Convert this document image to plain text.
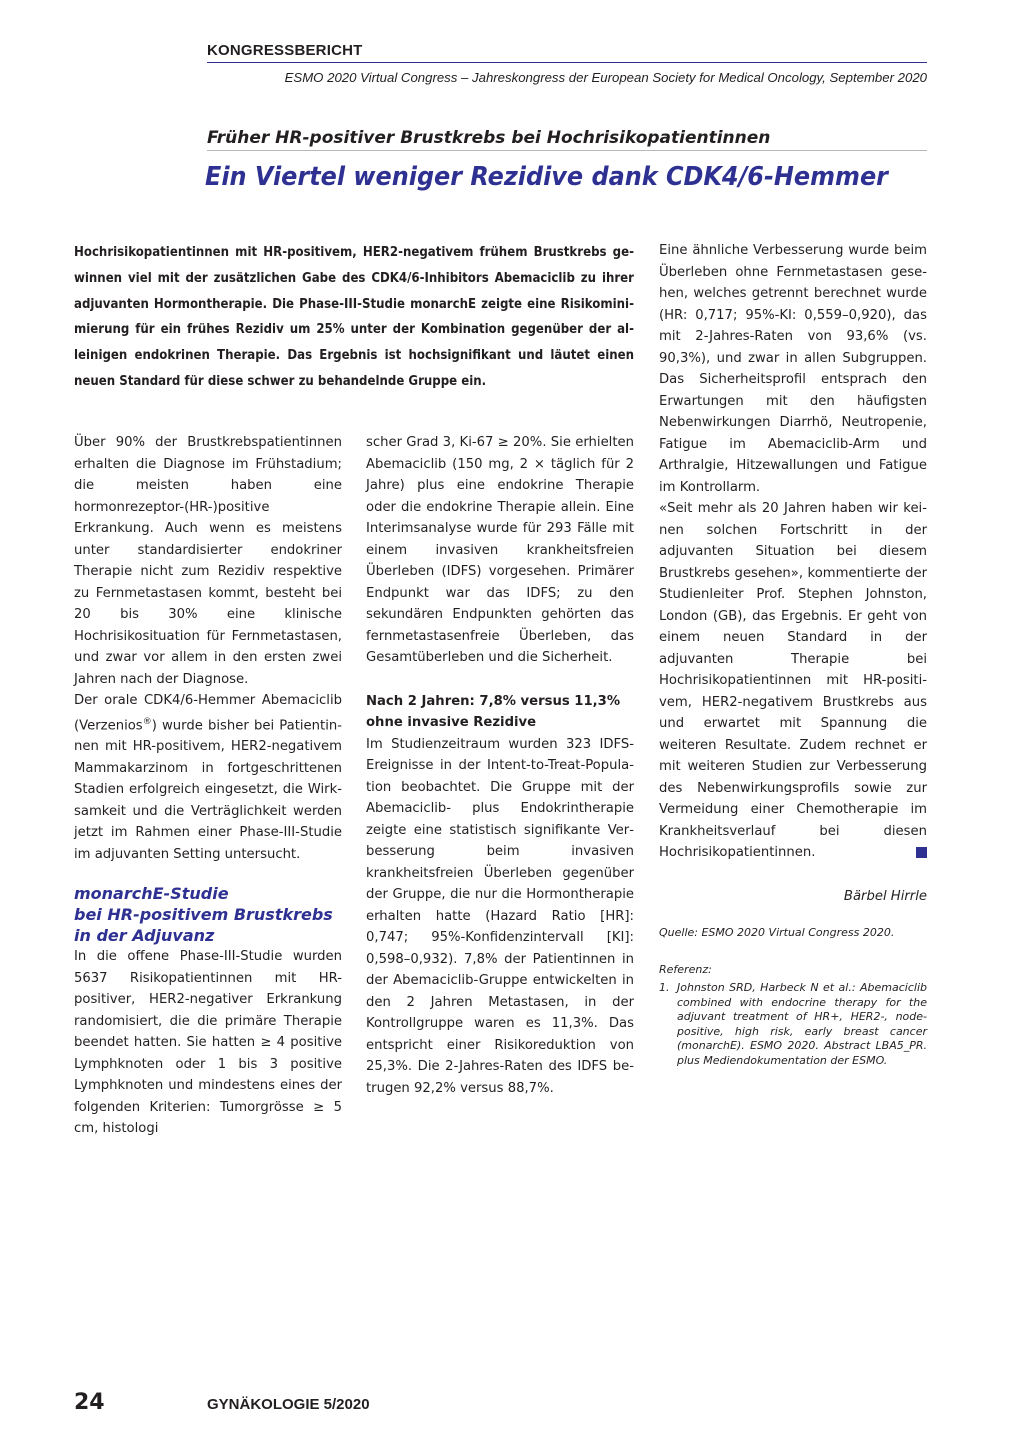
KONGRESSBERICHT
ESMO 2020 Virtual Congress – Jahreskongress der European Society for Medical Oncology, September 2020
Früher HR-positiver Brustkrebs bei Hochrisikopatientinnen
Ein Viertel weniger Rezidive dank CDK4/6-Hemmer
Hochrisikopatientinnen mit HR-positivem, HER2-negativem frühem Brustkrebs gewinnen viel mit der zusätzlichen Gabe des CDK4/6-Inhibitors Abemaciclib zu ihrer adjuvanten Hormontherapie. Die Phase-III-Studie monarchE zeigte eine Risikominimierung für ein frühes Rezidiv um 25% unter der Kombination gegenüber der alleinigen endokrinen Therapie. Das Ergebnis ist hochsignifikant und läutet einen neuen Standard für diese schwer zu behandelnde Gruppe ein.

Über 90% der Brustkrebspatientinnen erhalten die Diagnose im Frühstadium; die meisten haben eine hormonrezeptor-(HR-)positive Erkrankung. Auch wenn es meistens unter standardisierter endokriner Therapie nicht zum Rezidiv respektive zu Fernmetastasen kommt, besteht bei 20 bis 30% eine klinische Hochrisikosituation für Fernmetastasen, und zwar vor allem in den ersten zwei Jahren nach der Diagnose.

Der orale CDK4/6-Hemmer Abemaciclib (Verzenios®) wurde bisher bei Patientinnen mit HR-positivem, HER2-negativem Mammakarzinom in fortgeschrittenen Stadien erfolgreich eingesetzt, die Wirksamkeit und die Verträglichkeit werden jetzt im Rahmen einer Phase-III-Studie im adjuvanten Setting untersucht.

monarchE-Studie
bei HR-positivem Brustkrebs
in der Adjuvanz

In die offene Phase-III-Studie wurden 5637 Risikopatientinnen mit HR-positiver, HER2-negativer Erkrankung randomisiert, die die primäre Therapie beendet hatten. Sie hatten ≥ 4 positive Lymphknoten oder 1 bis 3 positive Lymphknoten und mindestens eines der folgenden Kriterien: Tumorgrösse ≥ 5 cm, histologi

scher Grad 3, Ki-67 ≥ 20%. Sie erhielten Abemaciclib (150 mg, 2 × täglich für 2 Jahre) plus eine endokrine Therapie oder die endokrine Therapie allein. Eine Interimsanalyse wurde für 293 Fälle mit einem invasiven krankheitsfreien Überleben (IDFS) vorgesehen. Primärer Endpunkt war das IDFS; zu den sekundären Endpunkten gehörten das fernmetastasenfreie Überleben, das Gesamtüberleben und die Sicherheit.

Nach 2 Jahren: 7,8% versus 11,3%
ohne invasive Rezidive

Im Studienzeitraum wurden 323 IDFS-Ereignisse in der Intent-to-Treat-Population beobachtet. Die Gruppe mit der Abemaciclib- plus Endokrintherapie zeigte eine statistisch signifikante Verbesserung beim invasiven krankheitsfreien Überleben gegenüber der Gruppe, die nur die Hormontherapie erhalten hatte (Hazard Ratio [HR]: 0,747; 95%-Konfidenzintervall [KI]: 0,598–0,932). 7,8% der Patientinnen in der Abemaciclib-Gruppe entwickelten in den 2 Jahren Metastasen, in der Kontrollgruppe waren es 11,3%. Das entspricht einer Risikoreduktion von 25,3%. Die 2-Jahres-Raten des IDFS betrugen 92,2% versus 88,7%.

Eine ähnliche Verbesserung wurde beim Überleben ohne Fernmetastasen gesehen, welches getrennt berechnet wurde (HR: 0,717; 95%-KI: 0,559–0,920), das mit 2-Jahres-Raten von 93,6% (vs. 90,3%), und zwar in allen Subgruppen. Das Sicherheitsprofil entsprach den Erwartungen mit den häufigsten Nebenwirkungen Diarrhö, Neutropenie, Fatigue im Abemaciclib-Arm und Arthralgie, Hitzewallungen und Fatigue im Kontrollarm.

«Seit mehr als 20 Jahren haben wir keinen solchen Fortschritt in der adjuvanten Situation bei diesem Brustkrebs gesehen», kommentierte der Studienleiter Prof. Stephen Johnston, London (GB), das Ergebnis. Er geht von einem neuen Standard in der adjuvanten Therapie bei Hochrisikopatientinnen mit HR-positivem, HER2-negativem Brustkrebs aus und erwartet mit Spannung die weiteren Resultate. Zudem rechnet er mit weiteren Studien zur Verbesserung des Nebenwirkungsprofils sowie zur Vermeidung einer Chemotherapie im Krankheitsverlauf bei diesen Hochrisikopatientinnen.

Bärbel Hirrle

Quelle: ESMO 2020 Virtual Congress 2020.

Referenz:

1. Johnston SRD, Harbeck N et al.: Abemaciclib combined with endocrine therapy for the adjuvant treatment of HR+, HER2-, node-positive, high risk, early breast cancer (monarchE). ESMO 2020. Abstract LBA5_PR. plus Mediendokumentation der ESMO.

24	GYNÄKOLOGIE 5/2020
